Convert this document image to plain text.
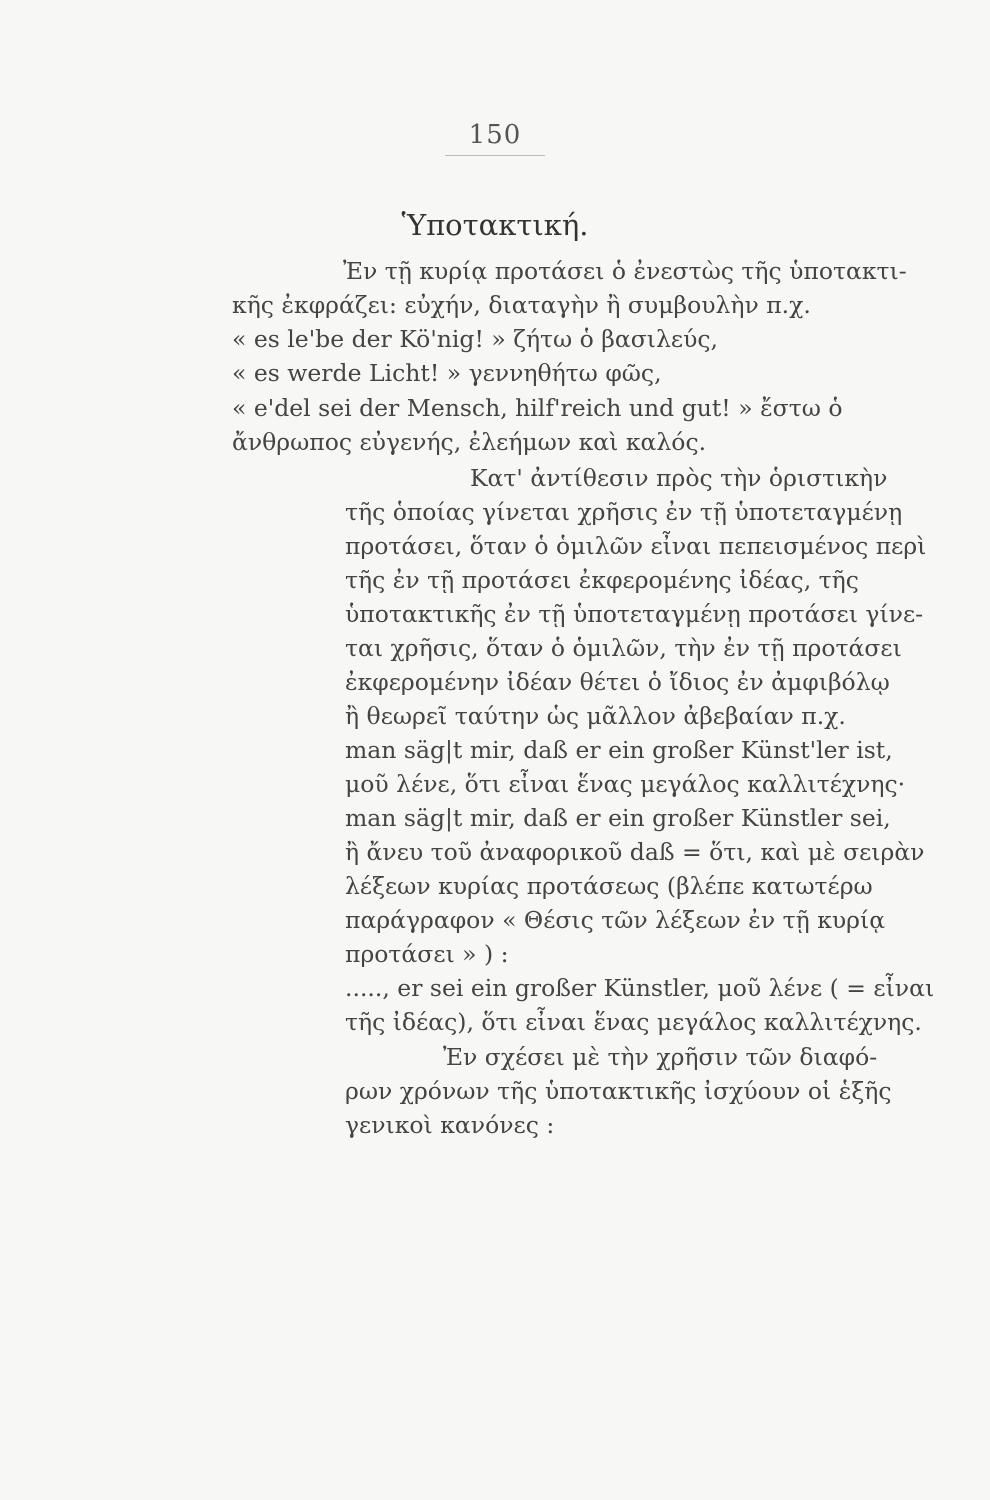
150
Ὑποτακτική.
Ἐν τῇ κυρίᾳ προτάσει ὁ ἐνεστὼς τῆς ὑποτακτι-
κῆς ἐκφράζει: εὐχήν, διαταγὴν ἢ συμβουλὴν π.χ.
« es le'be der Kö'nig! » ζήτω ὁ βασιλεύς,
« es werde Licht! » γεννηθήτω φῶς,
« e'del sei der Mensch, hilf'reich und gut! » ἔστω ὁ
ἄνθρωπος εὐγενής, ἐλεήμων καὶ καλός.
Κατ' ἀντίθεσιν πρὸς τὴν ὁριστικὴν
τῆς ὁποίας γίνεται χρῆσις ἐν τῇ ὑποτεταγμένῃ
προτάσει, ὅταν ὁ ὁμιλῶν εἶναι πεπεισμένος περὶ
τῆς ἐν τῇ προτάσει ἐκφερομένης ἰδέας, τῆς
ὑποτακτικῆς ἐν τῇ ὑποτεταγμένῃ προτάσει γίνε-
ται χρῆσις, ὅταν ὁ ὁμιλῶν, τὴν ἐν τῇ προτάσει
ἐκφερομένην ἰδέαν θέτει ὁ ἴδιος ἐν ἀμφιβόλῳ
ἢ θεωρεῖ ταύτην ὡς μᾶλλον ἀβεβαίαν π.χ.
man säg|t mir, daß er ein großer Künst'ler ist,
μοῦ λένε, ὅτι εἶναι ἕνας μεγάλος καλλιτέχνης·
man säg|t mir, daß er ein großer Künstler sei,
ἢ ἄνευ τοῦ ἀναφορικοῦ daß = ὅτι, καὶ μὲ σειρὰν
λέξεων κυρίας προτάσεως (βλέπε κατωτέρω
παράγραφον « Θέσις τῶν λέξεων ἐν τῇ κυρίᾳ
προτάσει » ) :
....., er sei ein großer Künstler, μοῦ λένε ( = εἶναι
τῆς ἰδέας), ὅτι εἶναι ἕνας μεγάλος καλλιτέχνης.
Ἐν σχέσει μὲ τὴν χρῆσιν τῶν διαφό-
ρων χρόνων τῆς ὑποτακτικῆς ἰσχύουν οἱ ἑξῆς
γενικοὶ κανόνες :
